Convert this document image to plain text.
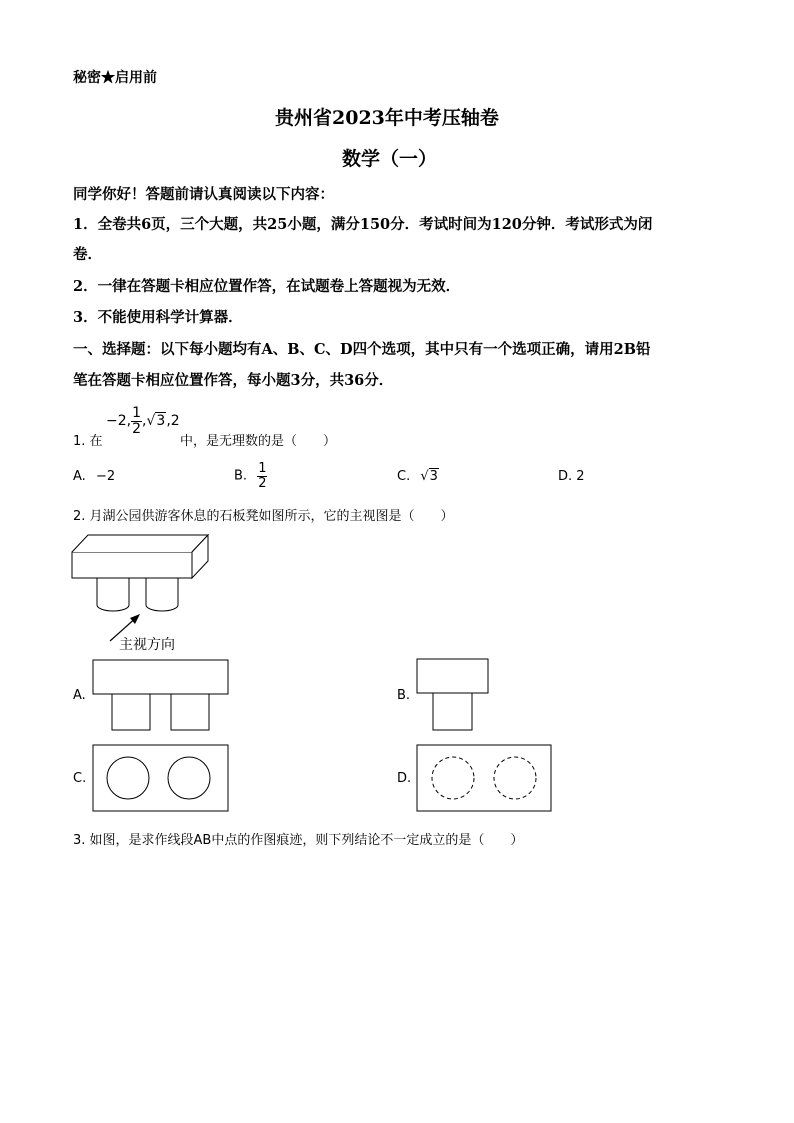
秘密★启用前
贵州省2023年中考压轴卷
数学（一）
同学你好！答题前请认真阅读以下内容：
1．全卷共6页，三个大题，共25小题，满分150分．考试时间为120分钟．考试形式为闭
卷．
2．一律在答题卡相应位置作答，在试题卷上答题视为无效．
3．不能使用科学计算器．
一、选择题：以下每小题均有A、B、C、D四个选项，其中只有一个选项正确，请用2B铅
笔在答题卡相应位置作答，每小题3分，共36分．
1. 在
−2, $\frac{1}{2} ,√3,2$
中，是无理数的是（　　）
A. −2	B. $\frac{1}{2}$	C. √3	D. 2
2. 月湖公园供游客休息的石板凳如图所示，它的主视图是（　　）
主视方向
A.	B.
C.	D.
3. 如图，是求作线段AB中点的作图痕迹，则下列结论不一定成立的是（　　）
